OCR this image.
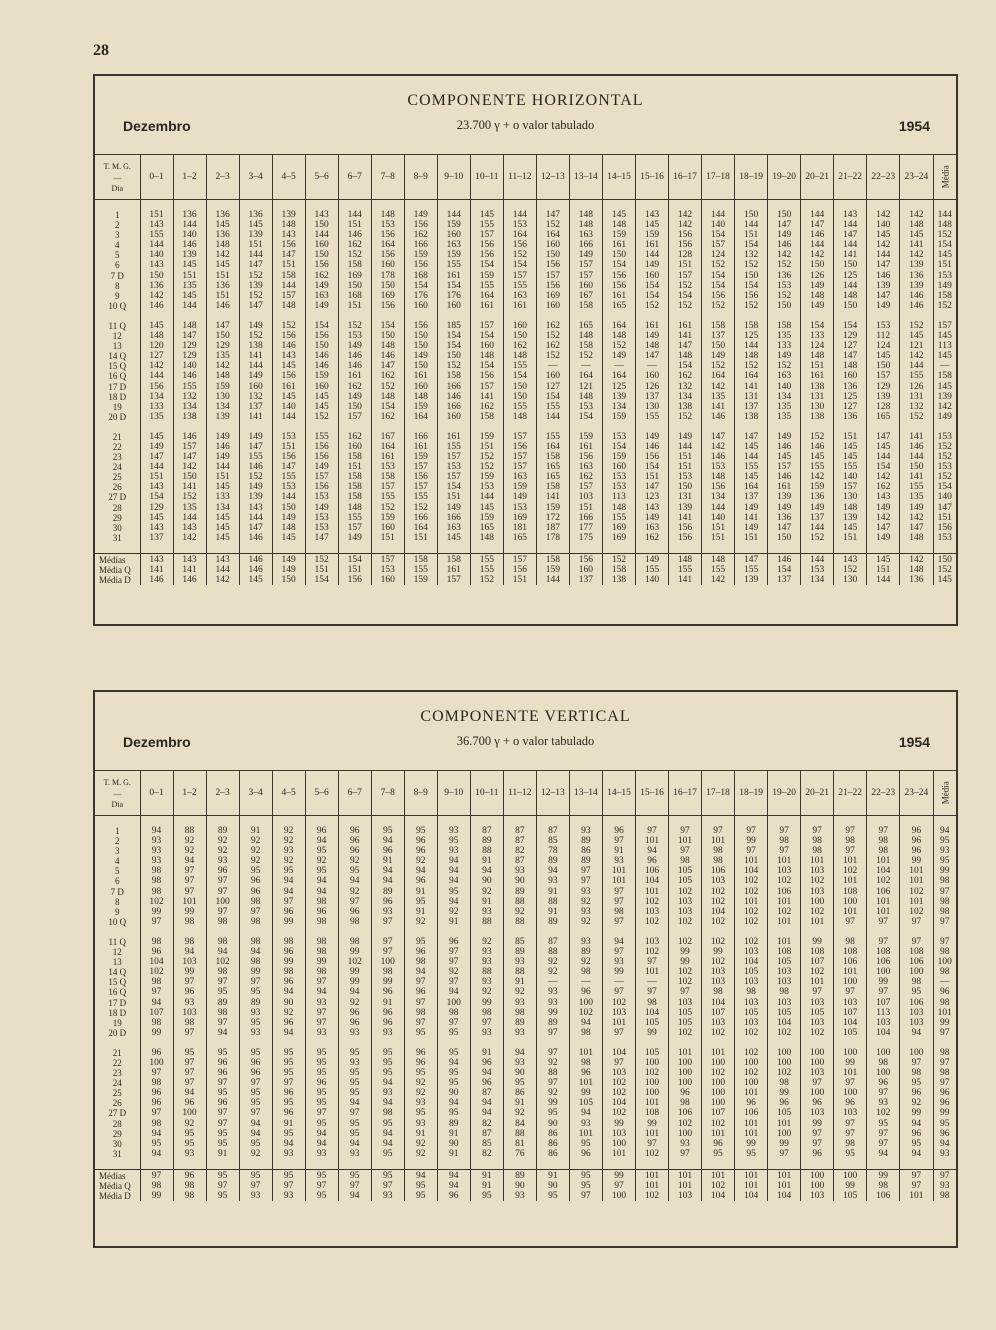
28
COMPONENTE HORIZONTAL
Dezembro	23.700 γ + o valor tabulado	1954
T. M. G.
—
Dia	0–1	1–2	2–3	3–4	4–5	5–6	6–7	7–8	8–9	9–10	10–11	11–12	12–13	13–14	14–15	15–16	16–17	17–18	18–19	19–20	20–21	21–22	22–23	23–24	Média

1	151	136	136	136	139	143	144	148	149	144	145	144	147	148	145	143	142	144	150	150	144	143	142	142	144
2	143	144	145	145	148	150	151	153	156	159	155	153	152	148	148	145	142	140	144	147	147	144	140	148	148
3	155	140	136	139	143	144	146	156	162	160	157	164	164	163	159	159	156	154	151	149	146	147	145	145	152
4	144	146	148	151	156	160	162	164	166	163	156	156	160	166	161	161	156	157	154	146	144	144	142	141	154
5	140	139	142	144	147	150	152	156	159	159	156	152	150	149	150	144	128	124	132	142	142	141	144	142	145
6	143	145	145	147	151	156	158	160	156	155	154	154	156	157	154	149	151	152	152	152	150	150	147	139	151
7 D	150	151	151	152	158	162	169	178	168	161	159	157	157	157	156	160	157	154	150	136	126	125	146	136	153
8	136	135	136	139	144	149	150	150	154	154	155	155	156	160	156	154	152	154	154	153	149	144	139	139	149
9	142	145	151	152	157	163	168	169	176	176	164	163	169	167	161	154	154	156	156	152	148	148	147	146	158
10 Q	146	144	146	147	148	149	151	156	160	160	161	161	160	158	165	152	152	152	152	150	149	150	149	146	152

11 Q	145	148	147	149	152	154	152	154	156	185	157	160	162	165	164	161	161	158	158	158	154	154	153	152	157
12	148	147	150	152	156	156	153	150	150	154	154	150	152	148	148	149	141	137	125	135	133	129	112	145	145
13	120	129	129	138	146	150	149	148	150	154	160	162	162	158	152	148	147	150	144	133	124	127	124	121	113
14 Q	127	129	135	141	143	146	146	146	149	150	148	148	152	152	149	147	148	149	148	149	148	147	145	142	145
15 Q	142	140	142	144	145	146	146	147	150	152	154	155	—	—	—	—	154	152	152	152	151	148	150	144	—
16 Q	144	146	148	149	156	159	161	162	161	158	156	154	160	164	164	160	162	164	164	163	161	160	157	155	158
17 D	156	155	159	160	161	160	162	152	160	166	157	150	127	121	125	126	132	142	141	140	138	136	129	126	145
18 D	134	132	130	132	145	145	149	148	148	146	141	150	154	148	139	137	134	135	131	134	131	125	139	131	139
19	133	134	134	137	140	145	150	154	159	166	162	155	155	153	134	130	138	141	137	135	130	127	128	132	142
20 D	135	138	139	141	144	152	157	162	164	160	158	148	144	154	159	155	152	146	138	135	138	136	165	152	149

21	145	146	149	149	153	155	162	167	166	161	159	157	155	159	153	149	149	147	147	149	152	151	147	141	153
22	149	157	146	147	151	156	160	164	161	155	151	156	164	161	154	146	144	142	145	146	146	145	145	146	152
23	147	147	149	155	156	156	158	161	159	157	152	157	158	156	159	156	151	146	144	145	145	145	144	144	152
24	144	142	144	146	147	149	151	153	157	153	152	157	165	163	160	154	151	153	155	157	155	155	154	150	153
25	151	150	151	152	155	157	158	158	156	157	159	163	165	162	153	151	153	148	145	146	142	140	142	141	152
26	143	141	145	149	153	156	158	157	157	154	153	159	158	157	153	147	150	156	164	161	159	157	162	155	154
27 D	154	152	133	139	144	153	158	155	155	151	144	149	141	103	113	123	131	134	137	139	136	130	143	135	140
28	129	135	134	143	150	149	148	152	152	149	145	153	159	151	148	143	139	144	149	149	149	148	149	149	147
29	145	144	145	144	149	153	155	159	166	166	159	169	172	166	155	149	141	140	141	136	137	139	142	142	151
30	143	143	145	147	148	153	157	160	164	163	165	181	187	177	169	163	156	151	149	147	144	145	147	147	156
31	137	142	145	146	145	147	149	151	151	145	148	165	178	175	169	162	156	151	151	150	152	151	149	148	153

Médias	143	143	143	146	149	152	154	157	158	158	155	157	158	156	152	149	148	148	147	146	144	143	145	142	150
Média Q	141	141	144	146	149	151	151	153	155	161	155	156	159	160	158	155	155	155	155	154	153	152	151	148	152
Média D	146	146	142	145	150	154	156	160	159	157	152	151	144	137	138	140	141	142	139	137	134	130	144	136	145
COMPONENTE VERTICAL
Dezembro	36.700 γ + o valor tabulado	1954
T. M. G.
—
Dia	0–1	1–2	2–3	3–4	4–5	5–6	6–7	7–8	8–9	9–10	10–11	11–12	12–13	13–14	14–15	15–16	16–17	17–18	18–19	19–20	20–21	21–22	22–23	23–24	Média

1	94	88	89	91	92	96	96	95	95	93	87	87	87	93	96	97	97	97	97	97	97	97	97	96	94
2	93	92	92	92	92	94	96	94	96	95	89	87	85	89	97	101	101	101	99	98	98	98	98	96	95
3	93	92	92	92	93	95	96	96	96	93	88	82	78	86	91	94	97	98	97	97	98	97	98	96	93
4	93	94	93	92	92	92	92	91	92	94	91	87	89	89	93	96	98	98	101	101	101	101	101	99	95
5	98	97	96	95	95	95	95	94	94	94	94	93	94	97	101	106	105	106	104	103	103	102	104	101	99
6	98	97	97	96	94	94	94	94	96	94	90	90	93	97	101	104	105	103	102	102	102	101	102	101	98
7 D	98	97	97	96	94	94	92	89	91	95	92	89	91	93	97	101	102	102	102	106	103	108	106	102	97
8	102	101	100	98	97	98	97	96	95	94	91	88	88	92	97	102	103	102	101	101	100	100	101	101	98
9	99	99	97	97	96	96	96	93	91	92	93	92	91	93	98	103	103	104	102	102	102	101	101	102	98
10 Q	97	98	98	98	99	98	98	97	92	91	88	88	89	92	97	102	102	102	102	101	101	97	97	97	97

11 Q	98	98	98	98	98	98	98	97	95	96	92	85	87	93	94	103	102	102	102	101	99	98	97	97	97
12	96	94	94	94	96	98	99	97	96	97	93	89	88	89	97	102	99	99	103	108	108	108	108	108	98
13	104	103	102	98	99	99	102	100	98	97	93	93	92	92	93	97	99	102	104	105	107	106	106	106	100
14 Q	102	99	98	99	98	98	99	98	94	92	88	88	92	98	99	101	102	103	105	103	102	101	100	100	98
15 Q	98	97	97	97	96	97	99	99	97	97	93	91	—	—	—	—	102	103	103	103	101	100	99	98	—
16 Q	97	96	95	95	94	94	94	96	96	94	92	92	93	96	97	97	97	98	98	98	97	97	97	95	96
17 D	94	93	89	89	90	93	92	91	97	100	99	93	93	100	102	98	103	104	103	103	103	103	107	106	98
18 D	107	103	98	93	92	97	96	96	98	98	98	98	99	102	103	104	105	107	105	105	105	107	113	103	101
19	98	98	97	95	96	97	96	96	97	97	97	89	89	94	101	105	105	103	103	104	103	104	103	103	99
20 D	99	97	94	93	94	93	93	93	95	95	93	93	97	98	97	99	102	102	102	102	102	105	104	94	97

21	96	95	95	95	95	95	95	95	96	95	91	94	97	101	104	105	101	101	102	100	100	100	100	100	98
22	100	97	96	96	95	95	93	95	96	94	96	93	92	98	97	100	100	100	100	100	100	99	98	97	97
23	97	97	96	96	95	95	95	95	95	95	94	90	88	96	103	102	100	102	102	102	103	101	100	98	98
24	98	97	97	97	97	96	95	94	92	95	96	95	97	101	102	100	100	100	100	98	97	97	96	95	97
25	96	94	95	95	96	95	95	93	92	90	87	86	92	99	102	100	96	100	101	99	100	100	97	96	96
26	96	96	96	95	95	95	94	94	93	94	94	91	99	105	104	101	98	100	96	96	96	96	93	92	96
27 D	97	100	97	97	96	97	97	98	95	95	94	92	95	94	102	108	106	107	106	105	103	103	102	99	99
28	98	92	97	94	91	95	95	95	93	89	82	84	90	93	99	99	102	102	101	101	99	97	95	94	95
29	94	95	95	94	95	94	95	94	91	91	87	88	86	101	103	101	100	101	101	100	97	97	97	96	96
30	95	95	95	95	94	94	94	94	92	90	85	81	86	95	100	97	93	96	99	99	97	98	97	95	94
31	94	93	91	92	93	93	93	95	92	91	82	76	86	96	101	102	97	95	95	97	96	95	94	94	93

Médias	97	96	95	95	95	95	95	95	94	94	91	89	91	95	99	101	101	101	101	101	100	100	99	97	97
Média Q	98	98	97	97	97	97	97	97	95	94	91	90	90	95	97	101	101	102	101	101	100	99	98	97	93
Média D	99	98	95	93	93	95	94	93	95	96	95	93	95	97	100	102	103	104	104	104	103	105	106	101	98
